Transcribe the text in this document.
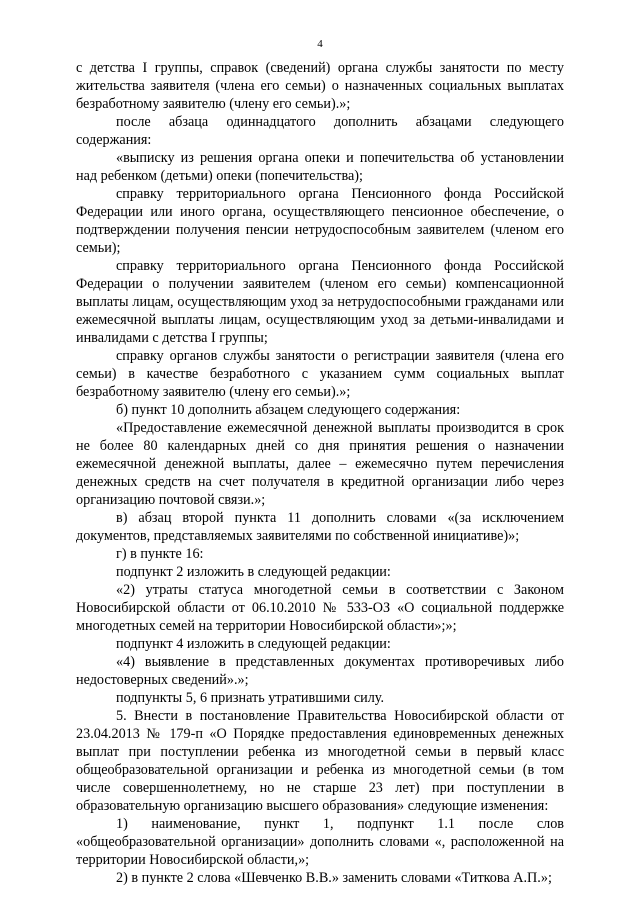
4

с детства I группы, справок (сведений) органа службы занятости по месту жительства заявителя (члена его семьи) о назначенных социальных выплатах безработному заявителю (члену его семьи).»;

после абзаца одиннадцатого дополнить абзацами следующего содержания:

«выписку из решения органа опеки и попечительства об установлении над ребенком (детьми) опеки (попечительства);

справку территориального органа Пенсионного фонда Российской Федерации или иного органа, осуществляющего пенсионное обеспечение, о подтверждении получения пенсии нетрудоспособным заявителем (членом его семьи);

справку территориального органа Пенсионного фонда Российской Федерации о получении заявителем (членом его семьи) компенсационной выплаты лицам, осуществляющим уход за нетрудоспособными гражданами или ежемесячной выплаты лицам, осуществляющим уход за детьми-инвалидами и инвалидами с детства I группы;

справку органов службы занятости о регистрации заявителя (члена его семьи) в качестве безработного с указанием сумм социальных выплат безработному заявителю (члену его семьи).»;

б) пункт 10 дополнить абзацем следующего содержания:

«Предоставление ежемесячной денежной выплаты производится в срок не более 80 календарных дней со дня принятия решения о назначении ежемесячной денежной выплаты, далее – ежемесячно путем перечисления денежных средств на счет получателя в кредитной организации либо через организацию почтовой связи.»;

в) абзац второй пункта 11 дополнить словами «(за исключением документов, представляемых заявителями по собственной инициативе)»;

г) в пункте 16:

подпункт 2 изложить в следующей редакции:

«2) утраты статуса многодетной семьи в соответствии с Законом Новосибирской области от 06.10.2010 № 533-ОЗ «О социальной поддержке многодетных семей на территории Новосибирской области»;»;

подпункт 4 изложить в следующей редакции:

«4) выявление в представленных документах противоречивых либо недостоверных сведений».»;

подпункты 5, 6 признать утратившими силу.

5. Внести в постановление Правительства Новосибирской области от 23.04.2013 № 179-п «О Порядке предоставления единовременных денежных выплат при поступлении ребенка из многодетной семьи в первый класс общеобразовательной организации и ребенка из многодетной семьи (в том числе совершеннолетнему, но не старше 23 лет) при поступлении в образовательную организацию высшего образования» следующие изменения:

1) наименование, пункт 1, подпункт 1.1 после слов «общеобразовательной организации» дополнить словами «, расположенной на территории Новосибирской области,»;

2) в пункте 2 слова «Шевченко В.В.» заменить словами «Титкова А.П.»;
